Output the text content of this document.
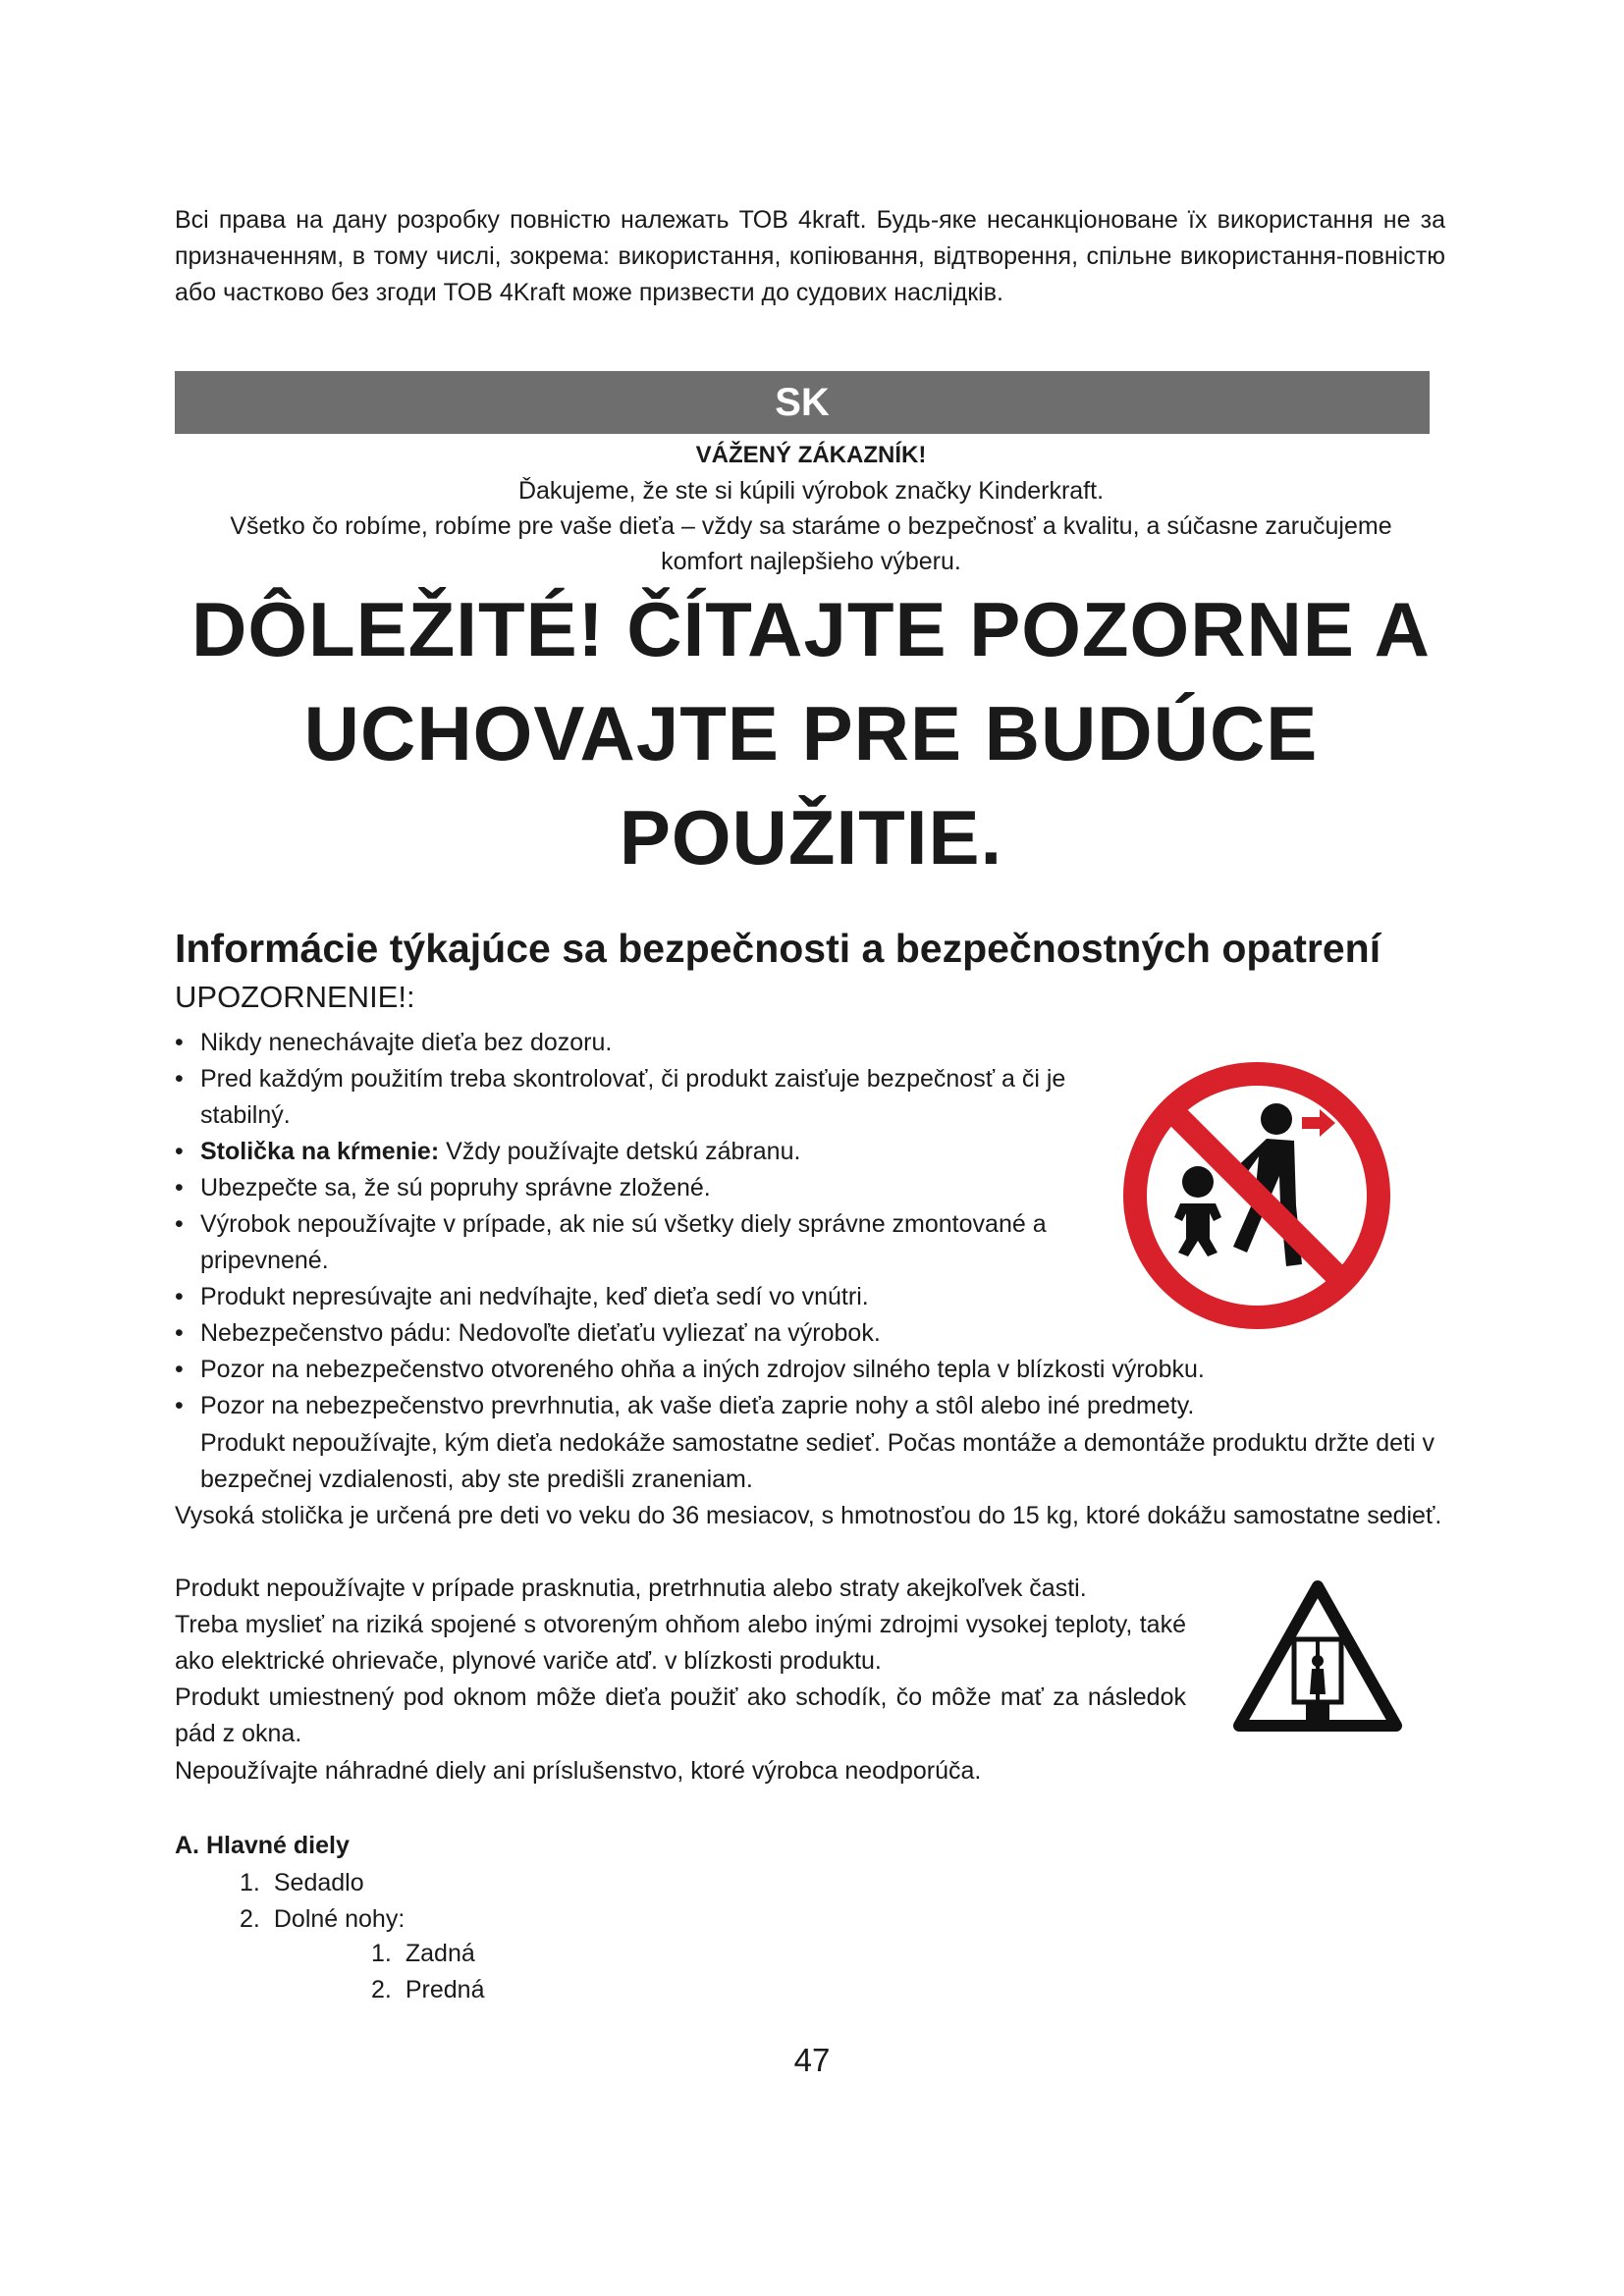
Всі права на дану розробку повністю належать ТОВ 4kraft. Будь-яке несанкціоноване їх використання не за призначенням, в тому числі, зокрема: використання, копіювання, відтворення, спільне використання-повністю або частково без згоди ТОВ 4Kraft може призвести до судових наслідків.
SK
VÁŽENÝ ZÁKAZNÍK!
Ďakujeme, že ste si kúpili výrobok značky Kinderkraft.
Všetko čo robíme, robíme pre vaše dieťa – vždy sa staráme o bezpečnosť a kvalitu, a súčasne zaručujeme
komfort najlepšieho výberu.
DÔLEŽITÉ! ČÍTAJTE POZORNE A
UCHOVAJTE PRE BUDÚCE
POUŽITIE.
Informácie týkajúce sa bezpečnosti a bezpečnostných opatrení
UPOZORNENIE!:
• Nikdy nenechávajte dieťa bez dozoru.
• Pred každým použitím treba skontrolovať, či produkt zaisťuje bezpečnosť a či je stabilný.
• Stolička na kŕmenie: Vždy používajte detskú zábranu.
• Ubezpečte sa, že sú popruhy správne zložené.
• Výrobok nepoužívajte v prípade, ak nie sú všetky diely správne zmontované a pripevnené.
• Produkt nepresúvajte ani nedvíhajte, keď dieťa sedí vo vnútri.
• Nebezpečenstvo pádu: Nedovoľte dieťaťu vyliezať na výrobok.
• Pozor na nebezpečenstvo otvoreného ohňa a iných zdrojov silného tepla v blízkosti výrobku.
• Pozor na nebezpečenstvo prevrhnutia, ak vaše dieťa zaprie nohy a stôl alebo iné predmety.
Produkt nepoužívajte, kým dieťa nedokáže samostatne sedieť. Počas montáže a demontáže produktu držte deti v bezpečnej vzdialenosti, aby ste predišli zraneniam.
Vysoká stolička je určená pre deti vo veku do 36 mesiacov, s hmotnosťou do 15 kg, ktoré dokážu samostatne sedieť.
Produkt nepoužívajte v prípade prasknutia, pretrhnutia alebo straty akejkoľvek časti.
Treba myslieť na riziká spojené s otvoreným ohňom alebo inými zdrojmi vysokej teploty, také ako elektrické ohrievače, plynové variče atď. v blízkosti produktu.
Produkt umiestnený pod oknom môže dieťa použiť ako schodík, čo môže mať za následok pád z okna.
Nepoužívajte náhradné diely ani príslušenstvo, ktoré výrobca neodporúča.
A. Hlavné diely
1. Sedadlo
2. Dolné nohy:
1. Zadná
2. Predná
47
